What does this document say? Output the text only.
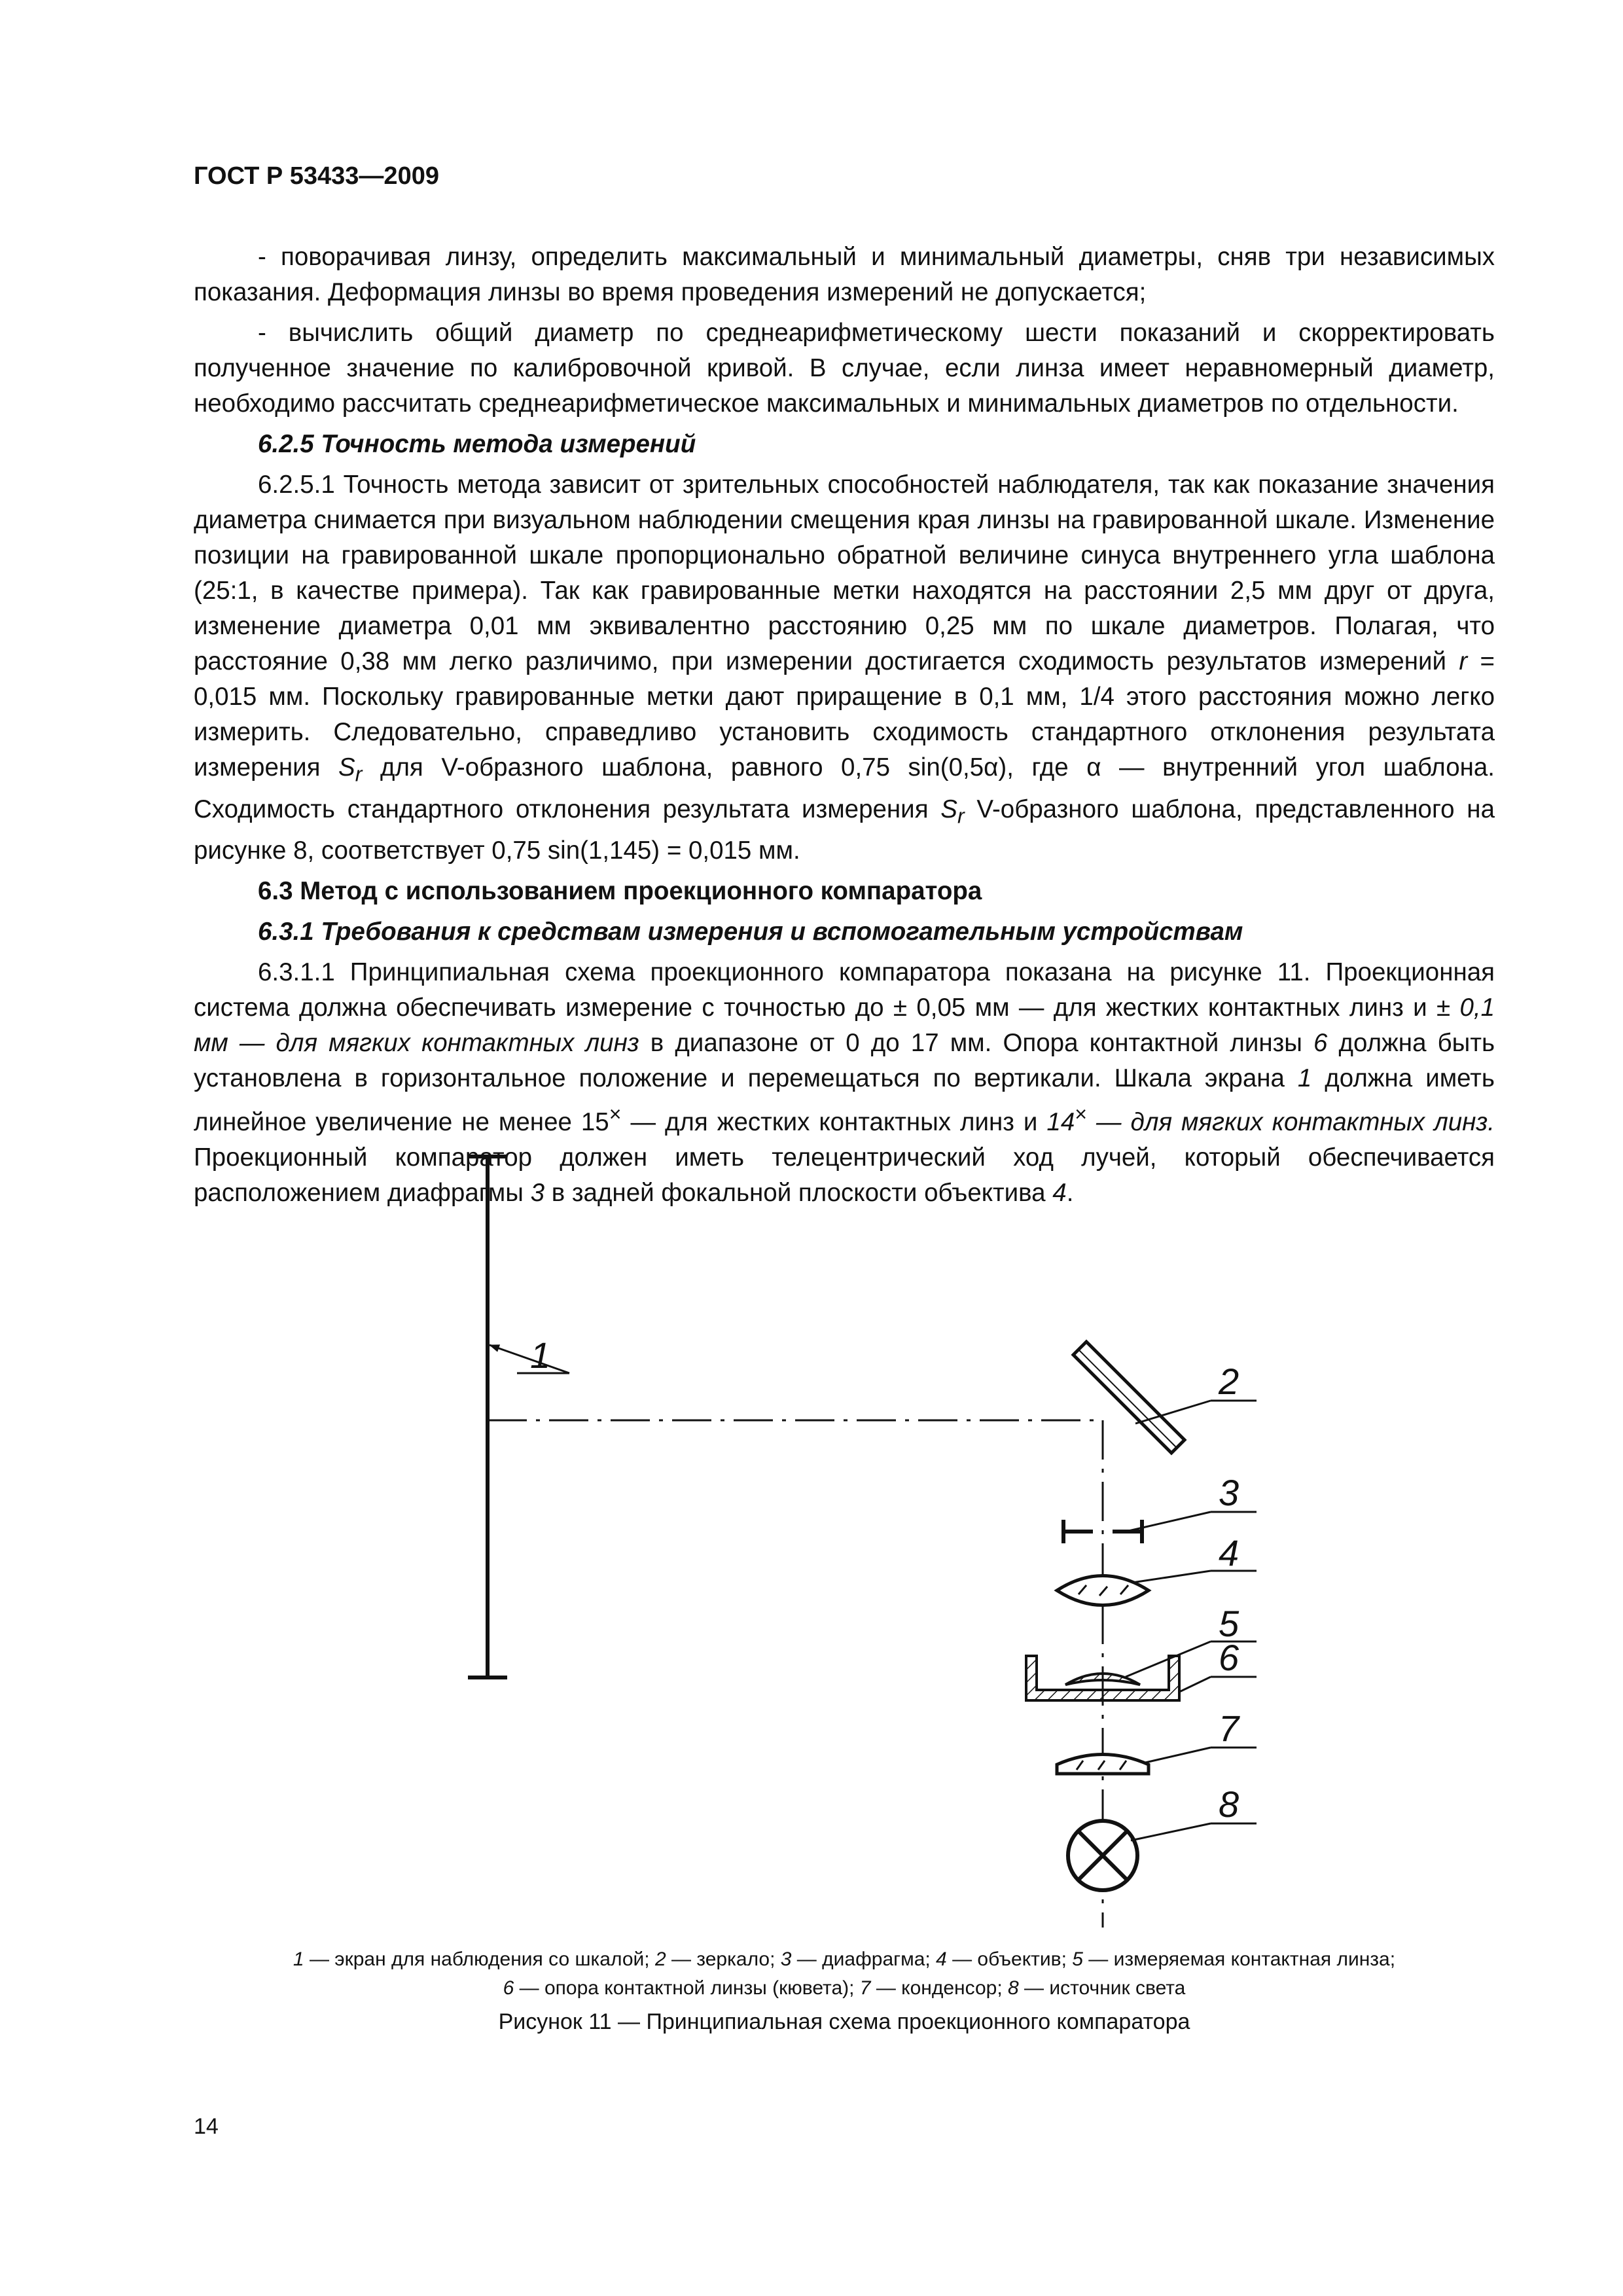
ГОСТ Р 53433—2009

- поворачивая линзу, определить максимальный и минимальный диаметры, сняв три независимых показания. Деформация линзы во время проведения измерений не допускается;

- вычислить общий диаметр по среднеарифметическому шести показаний и скорректировать полученное значение по калибровочной кривой. В случае, если линза имеет неравномерный диаметр, необходимо рассчитать среднеарифметическое максимальных и минимальных диаметров по отдельности.

6.2.5 Точность метода измерений

6.2.5.1 Точность метода зависит от зрительных способностей наблюдателя, так как показание значения диаметра снимается при визуальном наблюдении смещения края линзы на гравированной шкале. Изменение позиции на гравированной шкале пропорционально обратной величине синуса внутреннего угла шаблона (25:1, в качестве примера). Так как гравированные метки находятся на расстоянии 2,5 мм друг от друга, изменение диаметра 0,01 мм эквивалентно расстоянию 0,25 мм по шкале диаметров. Полагая, что расстояние 0,38 мм легко различимо, при измерении достигается сходимость результатов измерений r = 0,015 мм. Поскольку гравированные метки дают приращение в 0,1 мм, 1/4 этого расстояния можно легко измерить. Следовательно, справедливо установить сходимость стандартного отклонения результата измерения $S_r$ для V-образного шаблона, равного 0,75 sin(0,5α), где α — внутренний угол шаблона. Сходимость стандартного отклонения результата измерения $S_r$ V-образного шаблона, представленного на рисунке 8, соответствует 0,75 sin(1,145) = 0,015 мм.

6.3 Метод с использованием проекционного компаратора

6.3.1 Требования к средствам измерения и вспомогательным устройствам

6.3.1.1 Принципиальная схема проекционного компаратора показана на рисунке 11. Проекционная система должна обеспечивать измерение с точностью до ± 0,05 мм — для жестких контактных линз и ± 0,1 мм — для мягких контактных линз в диапазоне от 0 до 17 мм. Опора контактной линзы 6 должна быть установлена в горизонтальное положение и перемещаться по вертикали. Шкала экрана 1 должна иметь линейное увеличение не менее 15× — для жестких контактных линз и 14× — для мягких контактных линз. Проекционный компаратор должен иметь телецентрический ход лучей, который обеспечивается расположением диафрагмы 3 в задней фокальной плоскости объектива 4.

1
2
3
4
5
6
7
8
1 — экран для наблюдения со шкалой; 2 — зеркало; 3 — диафрагма; 4 — объектив; 5 — измеряемая контактная линза;
6 — опора контактной линзы (кювета); 7 — конденсор; 8 — источник света
Рисунок 11 — Принципиальная схема проекционного компаратора
14
